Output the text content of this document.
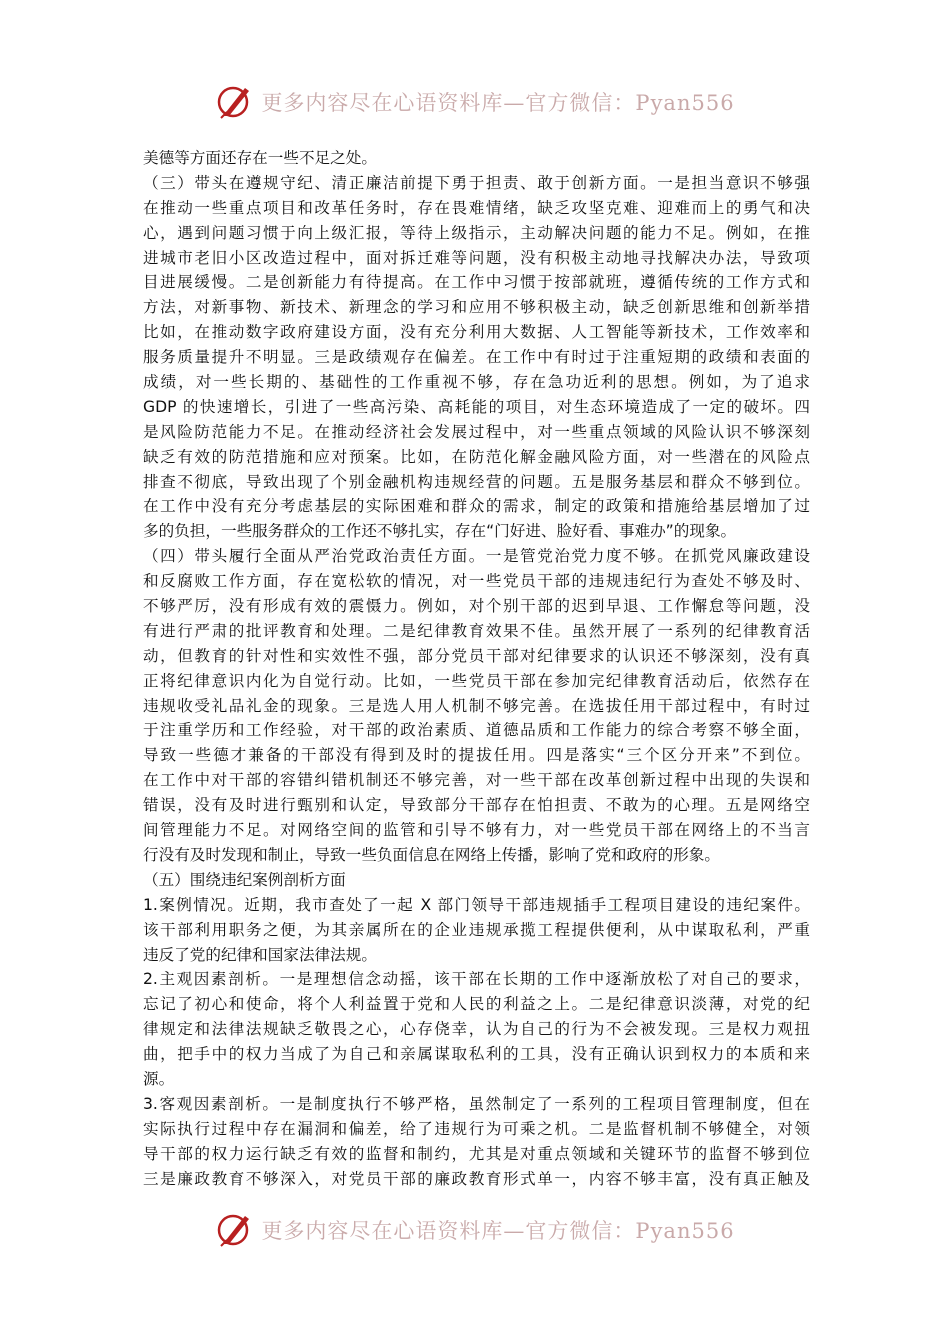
更多内容尽在心语资料库—官方微信：Pyan556
美德等方面还存在一些不足之处。
（三）带头在遵规守纪、清正廉洁前提下勇于担责、敢于创新方面。一是担当意识不够强
在推动一些重点项目和改革任务时，存在畏难情绪，缺乏攻坚克难、迎难而上的勇气和决
心，遇到问题习惯于向上级汇报，等待上级指示，主动解决问题的能力不足。例如，在推
进城市老旧小区改造过程中，面对拆迁难等问题，没有积极主动地寻找解决办法，导致项
目进展缓慢。二是创新能力有待提高。在工作中习惯于按部就班，遵循传统的工作方式和
方法，对新事物、新技术、新理念的学习和应用不够积极主动，缺乏创新思维和创新举措
比如，在推动数字政府建设方面，没有充分利用大数据、人工智能等新技术，工作效率和
服务质量提升不明显。三是政绩观存在偏差。在工作中有时过于注重短期的政绩和表面的
成绩，对一些长期的、基础性的工作重视不够，存在急功近利的思想。例如，为了追求
GDP 的快速增长，引进了一些高污染、高耗能的项目，对生态环境造成了一定的破坏。四
是风险防范能力不足。在推动经济社会发展过程中，对一些重点领域的风险认识不够深刻
缺乏有效的防范措施和应对预案。比如，在防范化解金融风险方面，对一些潜在的风险点
排查不彻底，导致出现了个别金融机构违规经营的问题。五是服务基层和群众不够到位。
在工作中没有充分考虑基层的实际困难和群众的需求，制定的政策和措施给基层增加了过
多的负担，一些服务群众的工作还不够扎实，存在“门好进、脸好看、事难办”的现象。
（四）带头履行全面从严治党政治责任方面。一是管党治党力度不够。在抓党风廉政建设
和反腐败工作方面，存在宽松软的情况，对一些党员干部的违规违纪行为查处不够及时、
不够严厉，没有形成有效的震慑力。例如，对个别干部的迟到早退、工作懈怠等问题，没
有进行严肃的批评教育和处理。二是纪律教育效果不佳。虽然开展了一系列的纪律教育活
动，但教育的针对性和实效性不强，部分党员干部对纪律要求的认识还不够深刻，没有真
正将纪律意识内化为自觉行动。比如，一些党员干部在参加完纪律教育活动后，依然存在
违规收受礼品礼金的现象。三是选人用人机制不够完善。在选拔任用干部过程中，有时过
于注重学历和工作经验，对干部的政治素质、道德品质和工作能力的综合考察不够全面，
导致一些德才兼备的干部没有得到及时的提拔任用。四是落实“三个区分开来”不到位。
在工作中对干部的容错纠错机制还不够完善，对一些干部在改革创新过程中出现的失误和
错误，没有及时进行甄别和认定，导致部分干部存在怕担责、不敢为的心理。五是网络空
间管理能力不足。对网络空间的监管和引导不够有力，对一些党员干部在网络上的不当言
行没有及时发现和制止，导致一些负面信息在网络上传播，影响了党和政府的形象。
（五）围绕违纪案例剖析方面
1.案例情况。近期，我市查处了一起 X 部门领导干部违规插手工程项目建设的违纪案件。
该干部利用职务之便，为其亲属所在的企业违规承揽工程提供便利，从中谋取私利，严重
违反了党的纪律和国家法律法规。
2.主观因素剖析。一是理想信念动摇，该干部在长期的工作中逐渐放松了对自己的要求，
忘记了初心和使命，将个人利益置于党和人民的利益之上。二是纪律意识淡薄，对党的纪
律规定和法律法规缺乏敬畏之心，心存侥幸，认为自己的行为不会被发现。三是权力观扭
曲，把手中的权力当成了为自己和亲属谋取私利的工具，没有正确认识到权力的本质和来
源。
3.客观因素剖析。一是制度执行不够严格，虽然制定了一系列的工程项目管理制度，但在
实际执行过程中存在漏洞和偏差，给了违规行为可乘之机。二是监督机制不够健全，对领
导干部的权力运行缺乏有效的监督和制约，尤其是对重点领域和关键环节的监督不够到位
三是廉政教育不够深入，对党员干部的廉政教育形式单一，内容不够丰富，没有真正触及
更多内容尽在心语资料库—官方微信：Pyan556
